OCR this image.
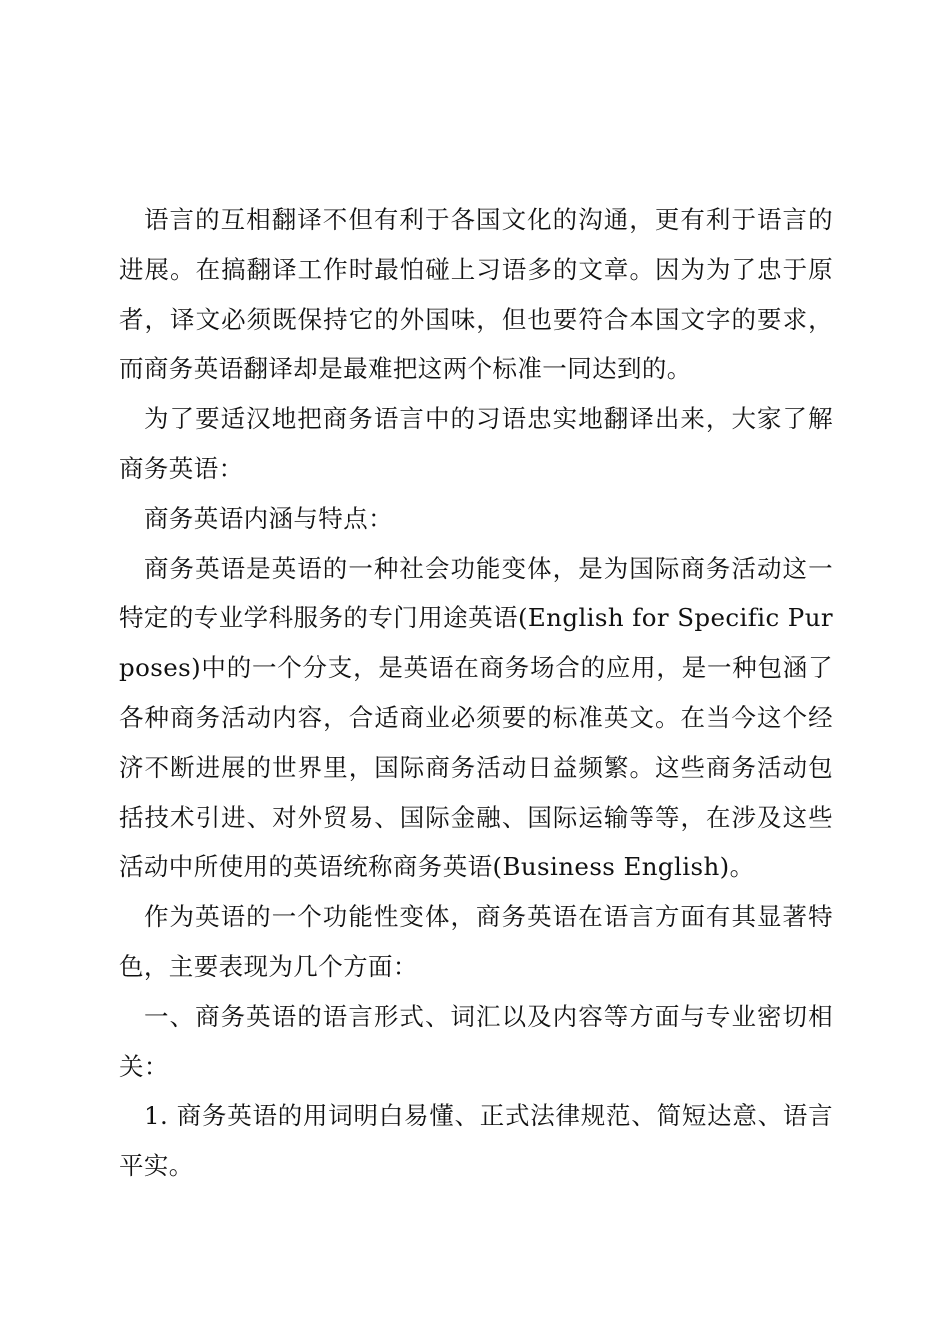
语言的互相翻译不但有利于各国文化的沟通，更有利于语言的进展。在搞翻译工作时最怕碰上习语多的文章。因为为了忠于原者，译文必须既保持它的外国味，但也要符合本国文字的要求，而商务英语翻译却是最难把这两个标准一同达到的。

为了要适汉地把商务语言中的习语忠实地翻译出来，大家了解商务英语：

商务英语内涵与特点：

商务英语是英语的一种社会功能变体，是为国际商务活动这一特定的专业学科服务的专门用途英语(English for Specific Purposes)中的一个分支，是英语在商务场合的应用，是一种包涵了各种商务活动内容，合适商业必须要的标准英文。在当今这个经济不断进展的世界里，国际商务活动日益频繁。这些商务活动包括技术引进、对外贸易、国际金融、国际运输等等，在涉及这些活动中所使用的英语统称商务英语(Business English)。

作为英语的一个功能性变体，商务英语在语言方面有其显著特色，主要表现为几个方面：

一、商务英语的语言形式、词汇以及内容等方面与专业密切相关：

1. 商务英语的用词明白易懂、正式法律规范、简短达意、语言平实。
